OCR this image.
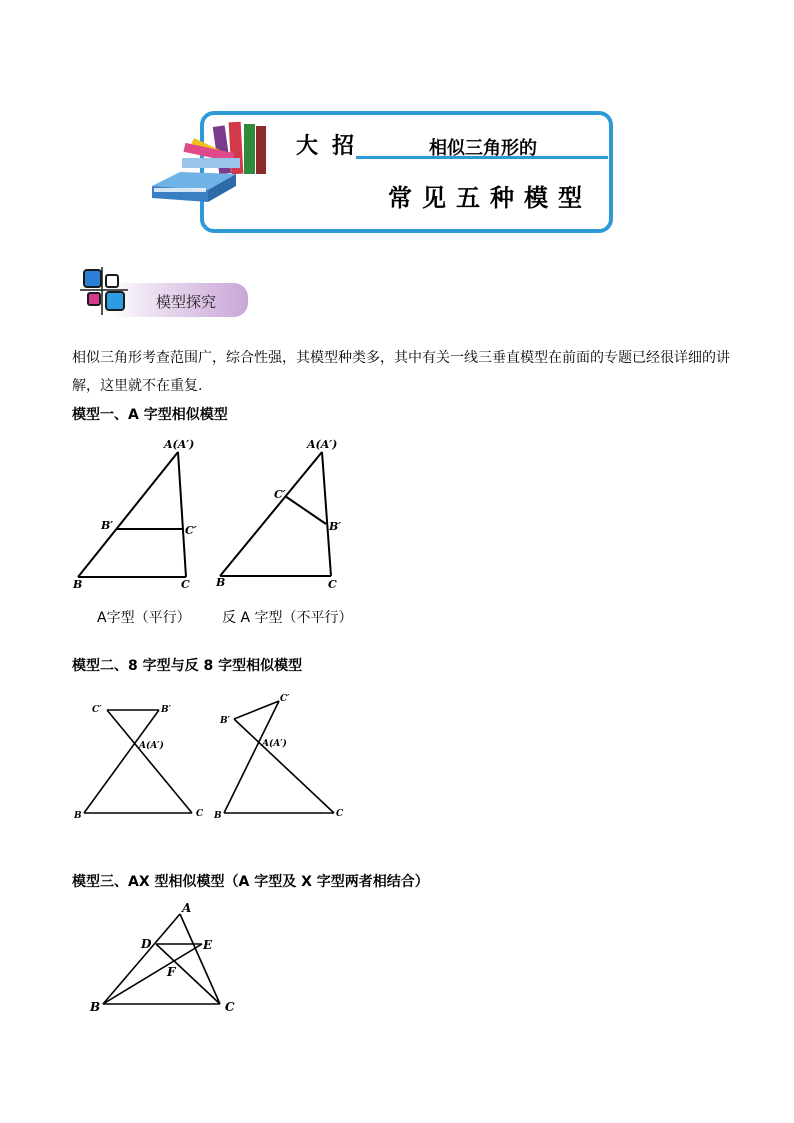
大招	相似三角形的
常见五种模型
模型探究
相似三角形考查范围广，综合性强，其模型种类多，其中有关一线三垂直模型在前面的专题已经很详细的讲解，这里就不在重复.
模型一、A 字型相似模型
A(A′)
B′	C′
B	C
A字型（平行）
A(A′)
C′
B′
B	C
反 A 字型（不平行）
模型二、8 字型与反 8 字型相似模型
C′	B′
A(A′)
B	C
B′
C′
A(A′)
B	C
模型三、AX 型相似模型（A 字型及 X 字型两者相结合）
A
D	E
F
B	C
